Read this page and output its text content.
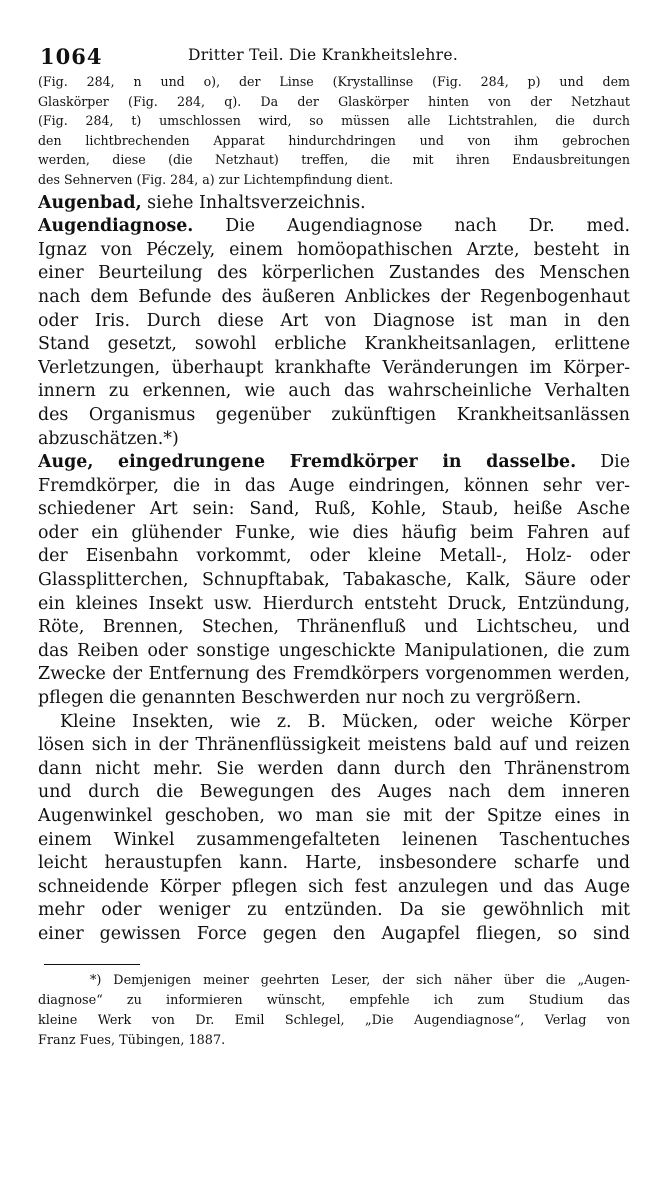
1064	Dritter Teil. Die Krankheitslehre.
(Fig. 284, n und o), der Linse (Krystallinse (Fig. 284, p) und dem
Glaskörper (Fig. 284, q). Da der Glaskörper hinten von der Netzhaut
(Fig. 284, t) umschlossen wird, so müssen alle Lichtstrahlen, die durch
den lichtbrechenden Apparat hindurchdringen und von ihm gebrochen
werden, diese (die Netzhaut) treffen, die mit ihren Endausbreitungen
des Sehnerven (Fig. 284, a) zur Lichtempfindung dient.
Augenbad, siehe Inhaltsverzeichnis.
Augendiagnose. Die Augendiagnose nach Dr. med.
Ignaz von Péczely, einem homöopathischen Arzte, besteht in
einer Beurteilung des körperlichen Zustandes des Menschen
nach dem Befunde des äußeren Anblickes der Regenbogenhaut
oder Iris. Durch diese Art von Diagnose ist man in den
Stand gesetzt, sowohl erbliche Krankheitsanlagen, erlittene
Verletzungen, überhaupt krankhafte Veränderungen im Körper-
innern zu erkennen, wie auch das wahrscheinliche Verhalten
des Organismus gegenüber zukünftigen Krankheitsanlässen
abzuschätzen.*)
Auge, eingedrungene Fremdkörper in dasselbe. Die
Fremdkörper, die in das Auge eindringen, können sehr ver-
schiedener Art sein: Sand, Ruß, Kohle, Staub, heiße Asche
oder ein glühender Funke, wie dies häufig beim Fahren auf
der Eisenbahn vorkommt, oder kleine Metall-, Holz- oder
Glassplitterchen, Schnupftabak, Tabakasche, Kalk, Säure oder
ein kleines Insekt usw. Hierdurch entsteht Druck, Entzündung,
Röte, Brennen, Stechen, Thränenfluß und Lichtscheu, und
das Reiben oder sonstige ungeschickte Manipulationen, die zum
Zwecke der Entfernung des Fremdkörpers vorgenommen werden,
pflegen die genannten Beschwerden nur noch zu vergrößern.
Kleine Insekten, wie z. B. Mücken, oder weiche Körper
lösen sich in der Thränenflüssigkeit meistens bald auf und reizen
dann nicht mehr. Sie werden dann durch den Thränenstrom
und durch die Bewegungen des Auges nach dem inneren
Augenwinkel geschoben, wo man sie mit der Spitze eines in
einem Winkel zusammengefalteten leinenen Taschentuches
leicht heraustupfen kann. Harte, insbesondere scharfe und
schneidende Körper pflegen sich fest anzulegen und das Auge
mehr oder weniger zu entzünden. Da sie gewöhnlich mit
einer gewissen Force gegen den Augapfel fliegen, so sind
*) Demjenigen meiner geehrten Leser, der sich näher über die „Augen-
diagnose“ zu informieren wünscht, empfehle ich zum Studium das
kleine Werk von Dr. Emil Schlegel, „Die Augendiagnose“, Verlag von
Franz Fues, Tübingen, 1887.
